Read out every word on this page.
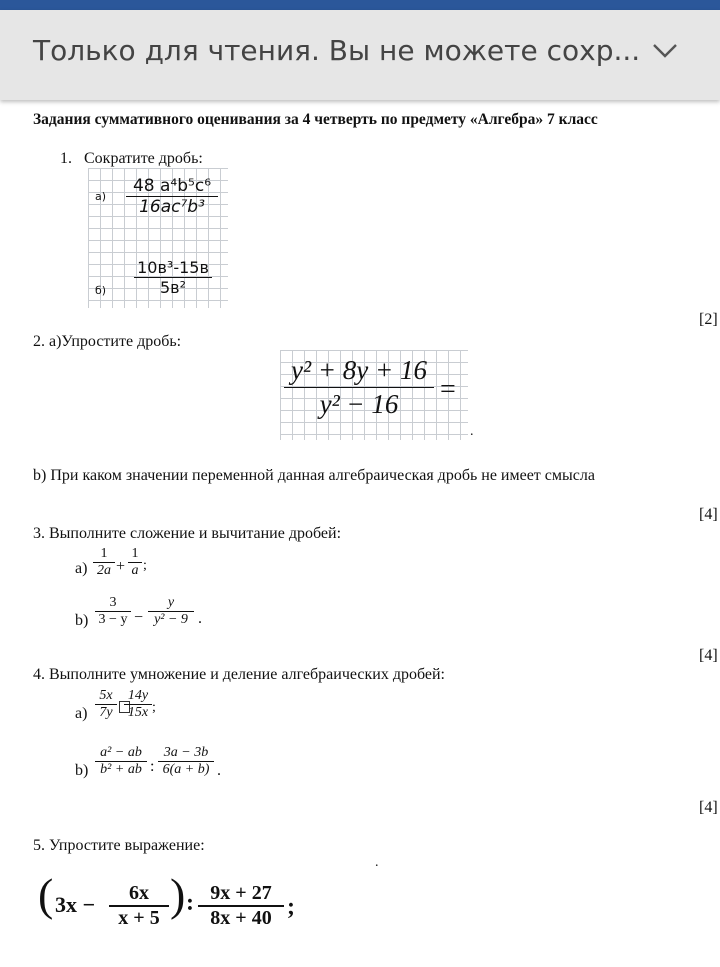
Только для чтения. Вы не можете сохр...
Задания суммативного оценивания за 4 четверть по предмету «Алгебра» 7 класс
1.   Сократите дробь:
а)
48 а⁴b⁵c⁶
16ac⁷b³
б)
10в³-15в
5в²
[2]
2. а)Упростите дробь:
y² + 8y + 16
y² − 16	=
.
b) При каком значении переменной данная алгебраическая дробь не имеет смысла
[4]
3. Выполните сложение и вычитание дробей:
a)
1
2a +
1
a ;
b)
3
3 − y −
y
y² − 9 .
[4]
4. Выполните умножение и деление алгебраических дробей:
a)
5x
7y
14y
15x ;
b)
a² − ab
b² + ab :
3a − 3b
6(a + b) .
[4]
5. Упростите выражение:
.
( 3x −	6x
x + 5 ) : 9x + 27
8x + 40 ;
